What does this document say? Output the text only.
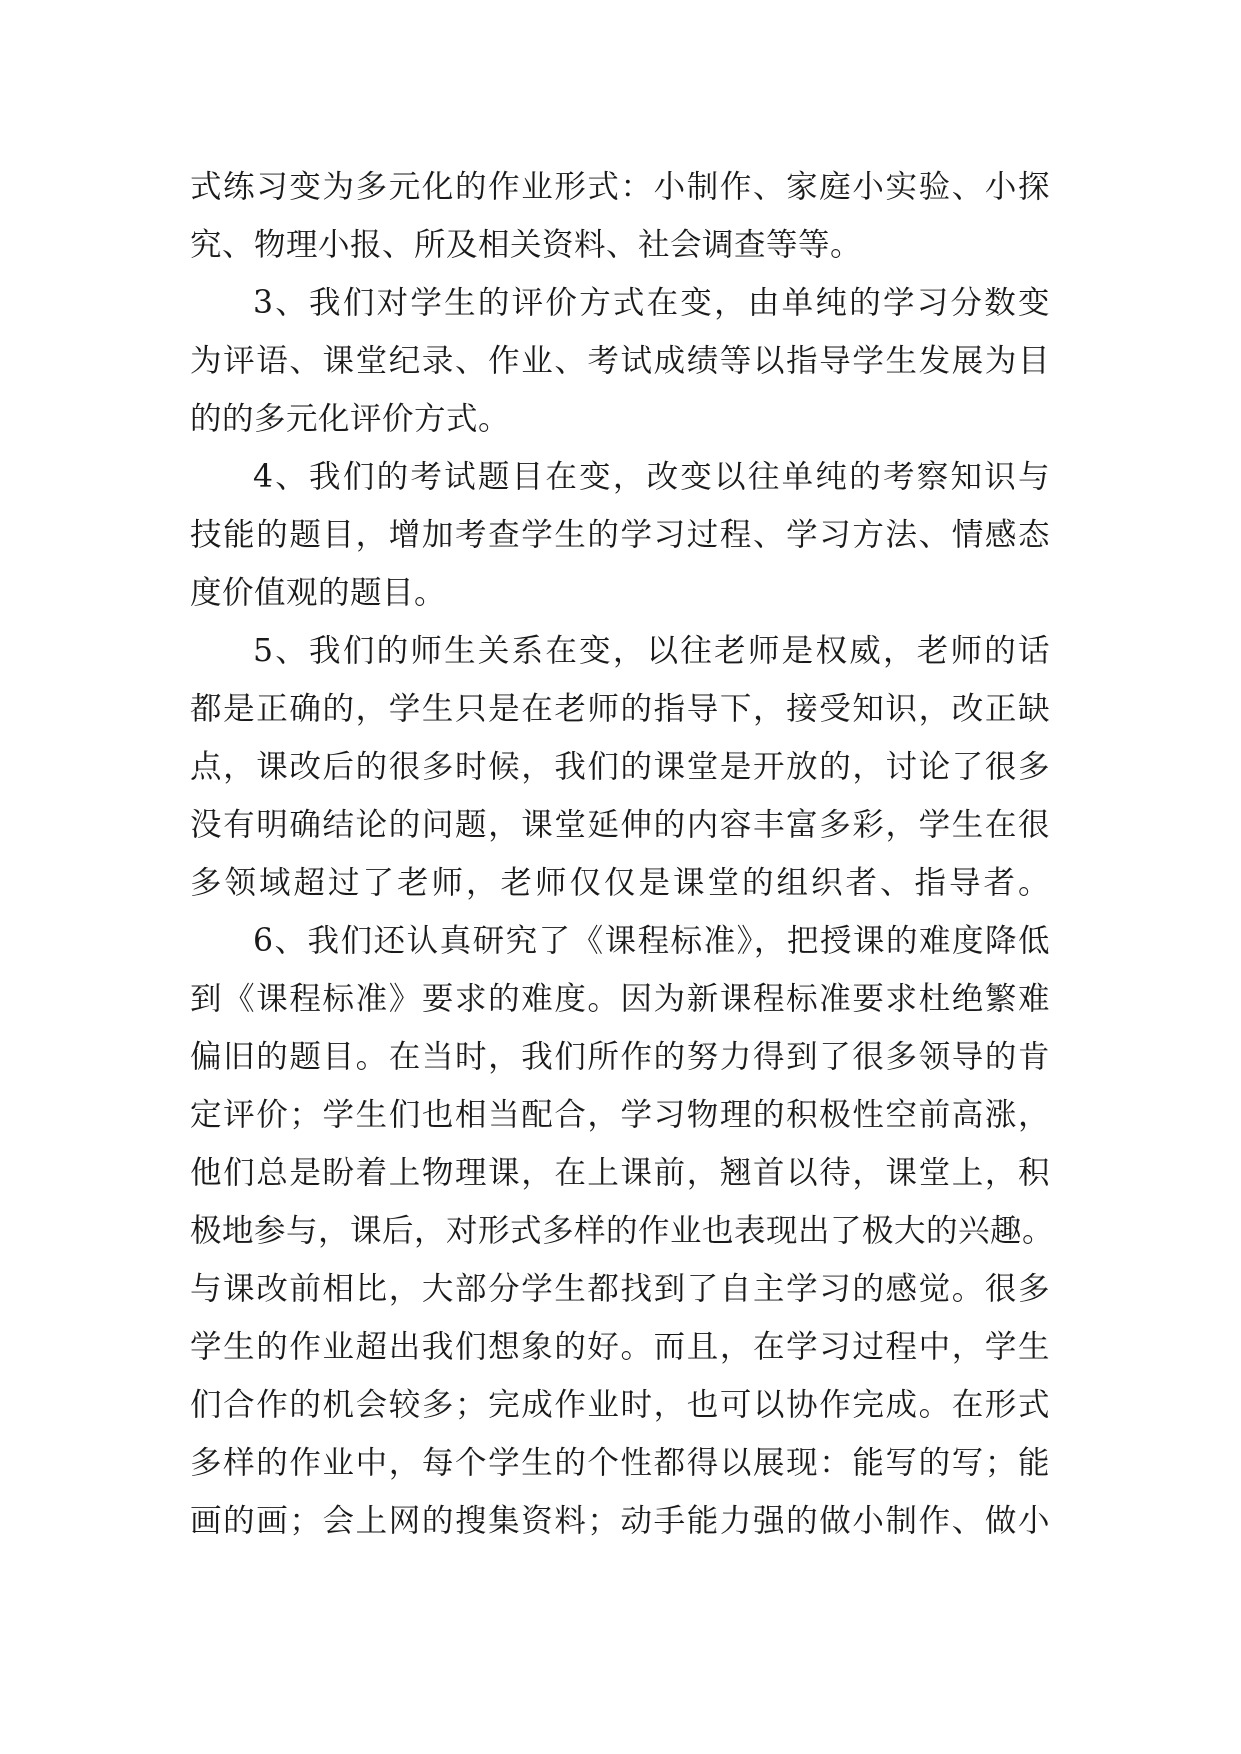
式练习变为多元化的作业形式：小制作、家庭小实验、小探
究、物理小报、所及相关资料、社会调查等等。
3、我们对学生的评价方式在变，由单纯的学习分数变
为评语、课堂纪录、作业、考试成绩等以指导学生发展为目
的的多元化评价方式。
4、我们的考试题目在变，改变以往单纯的考察知识与
技能的题目，增加考查学生的学习过程、学习方法、情感态
度价值观的题目。
5、我们的师生关系在变，以往老师是权威，老师的话
都是正确的，学生只是在老师的指导下，接受知识，改正缺
点，课改后的很多时候，我们的课堂是开放的，讨论了很多
没有明确结论的问题，课堂延伸的内容丰富多彩，学生在很
多领域超过了老师，老师仅仅是课堂的组织者、指导者。
6、我们还认真研究了《课程标准》，把授课的难度降低
到《课程标准》要求的难度。因为新课程标准要求杜绝繁难
偏旧的题目。在当时，我们所作的努力得到了很多领导的肯
定评价；学生们也相当配合，学习物理的积极性空前高涨，
他们总是盼着上物理课，在上课前，翘首以待，课堂上，积
极地参与，课后，对形式多样的作业也表现出了极大的兴趣。
与课改前相比，大部分学生都找到了自主学习的感觉。很多
学生的作业超出我们想象的好。而且，在学习过程中，学生
们合作的机会较多；完成作业时，也可以协作完成。在形式
多样的作业中，每个学生的个性都得以展现：能写的写；能
画的画；会上网的搜集资料；动手能力强的做小制作、做小
